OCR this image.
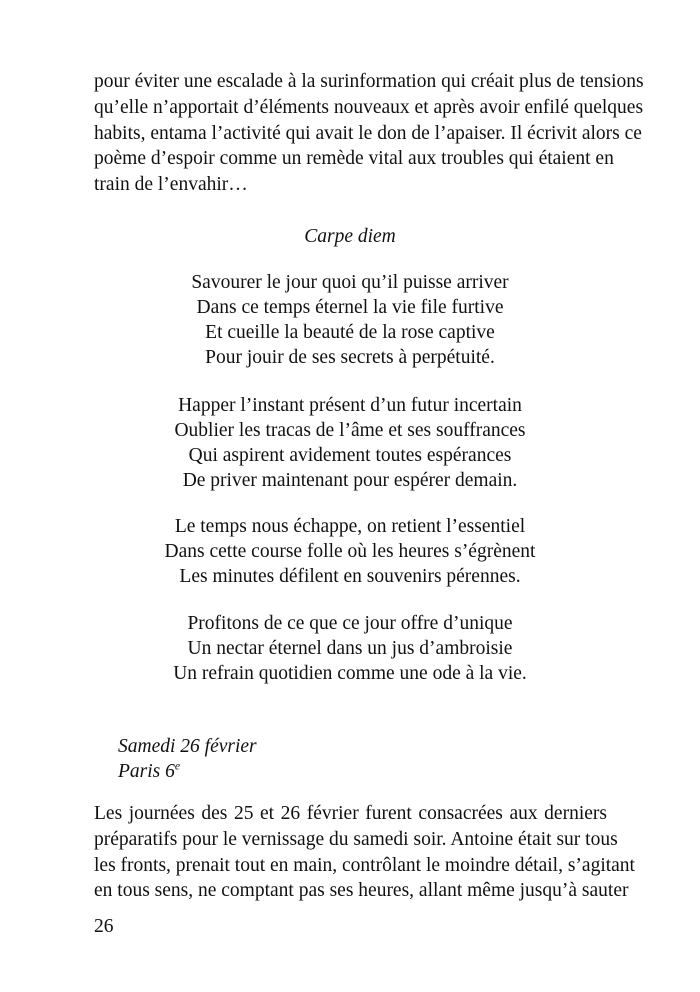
pour éviter une escalade à la surinformation qui créait plus de tensions
qu’elle n’apportait d’éléments nouveaux et après avoir enfilé quelques
habits, entama l’activité qui avait le don de l’apaiser. Il écrivit alors ce
poème d’espoir comme un remède vital aux troubles qui étaient en
train de l’envahir…

Carpe diem

Savourer le jour quoi qu’il puisse arriver
Dans ce temps éternel la vie file furtive
Et cueille la beauté de la rose captive
Pour jouir de ses secrets à perpétuité.
Happer l’instant présent d’un futur incertain
Oublier les tracas de l’âme et ses souffrances
Qui aspirent avidement toutes espérances
De priver maintenant pour espérer demain.
Le temps nous échappe, on retient l’essentiel
Dans cette course folle où les heures s’égrènent
Les minutes défilent en souvenirs pérennes.
Profitons de ce que ce jour offre d’unique
Un nectar éternel dans un jus d’ambroisie
Un refrain quotidien comme une ode à la vie.
Samedi 26 février
Paris 6e
Les journées des 25 et 26 février furent consacrées aux derniers
préparatifs pour le vernissage du samedi soir. Antoine était sur tous
les fronts, prenait tout en main, contrôlant le moindre détail, s’agitant
en tous sens, ne comptant pas ses heures, allant même jusqu’à sauter

26
